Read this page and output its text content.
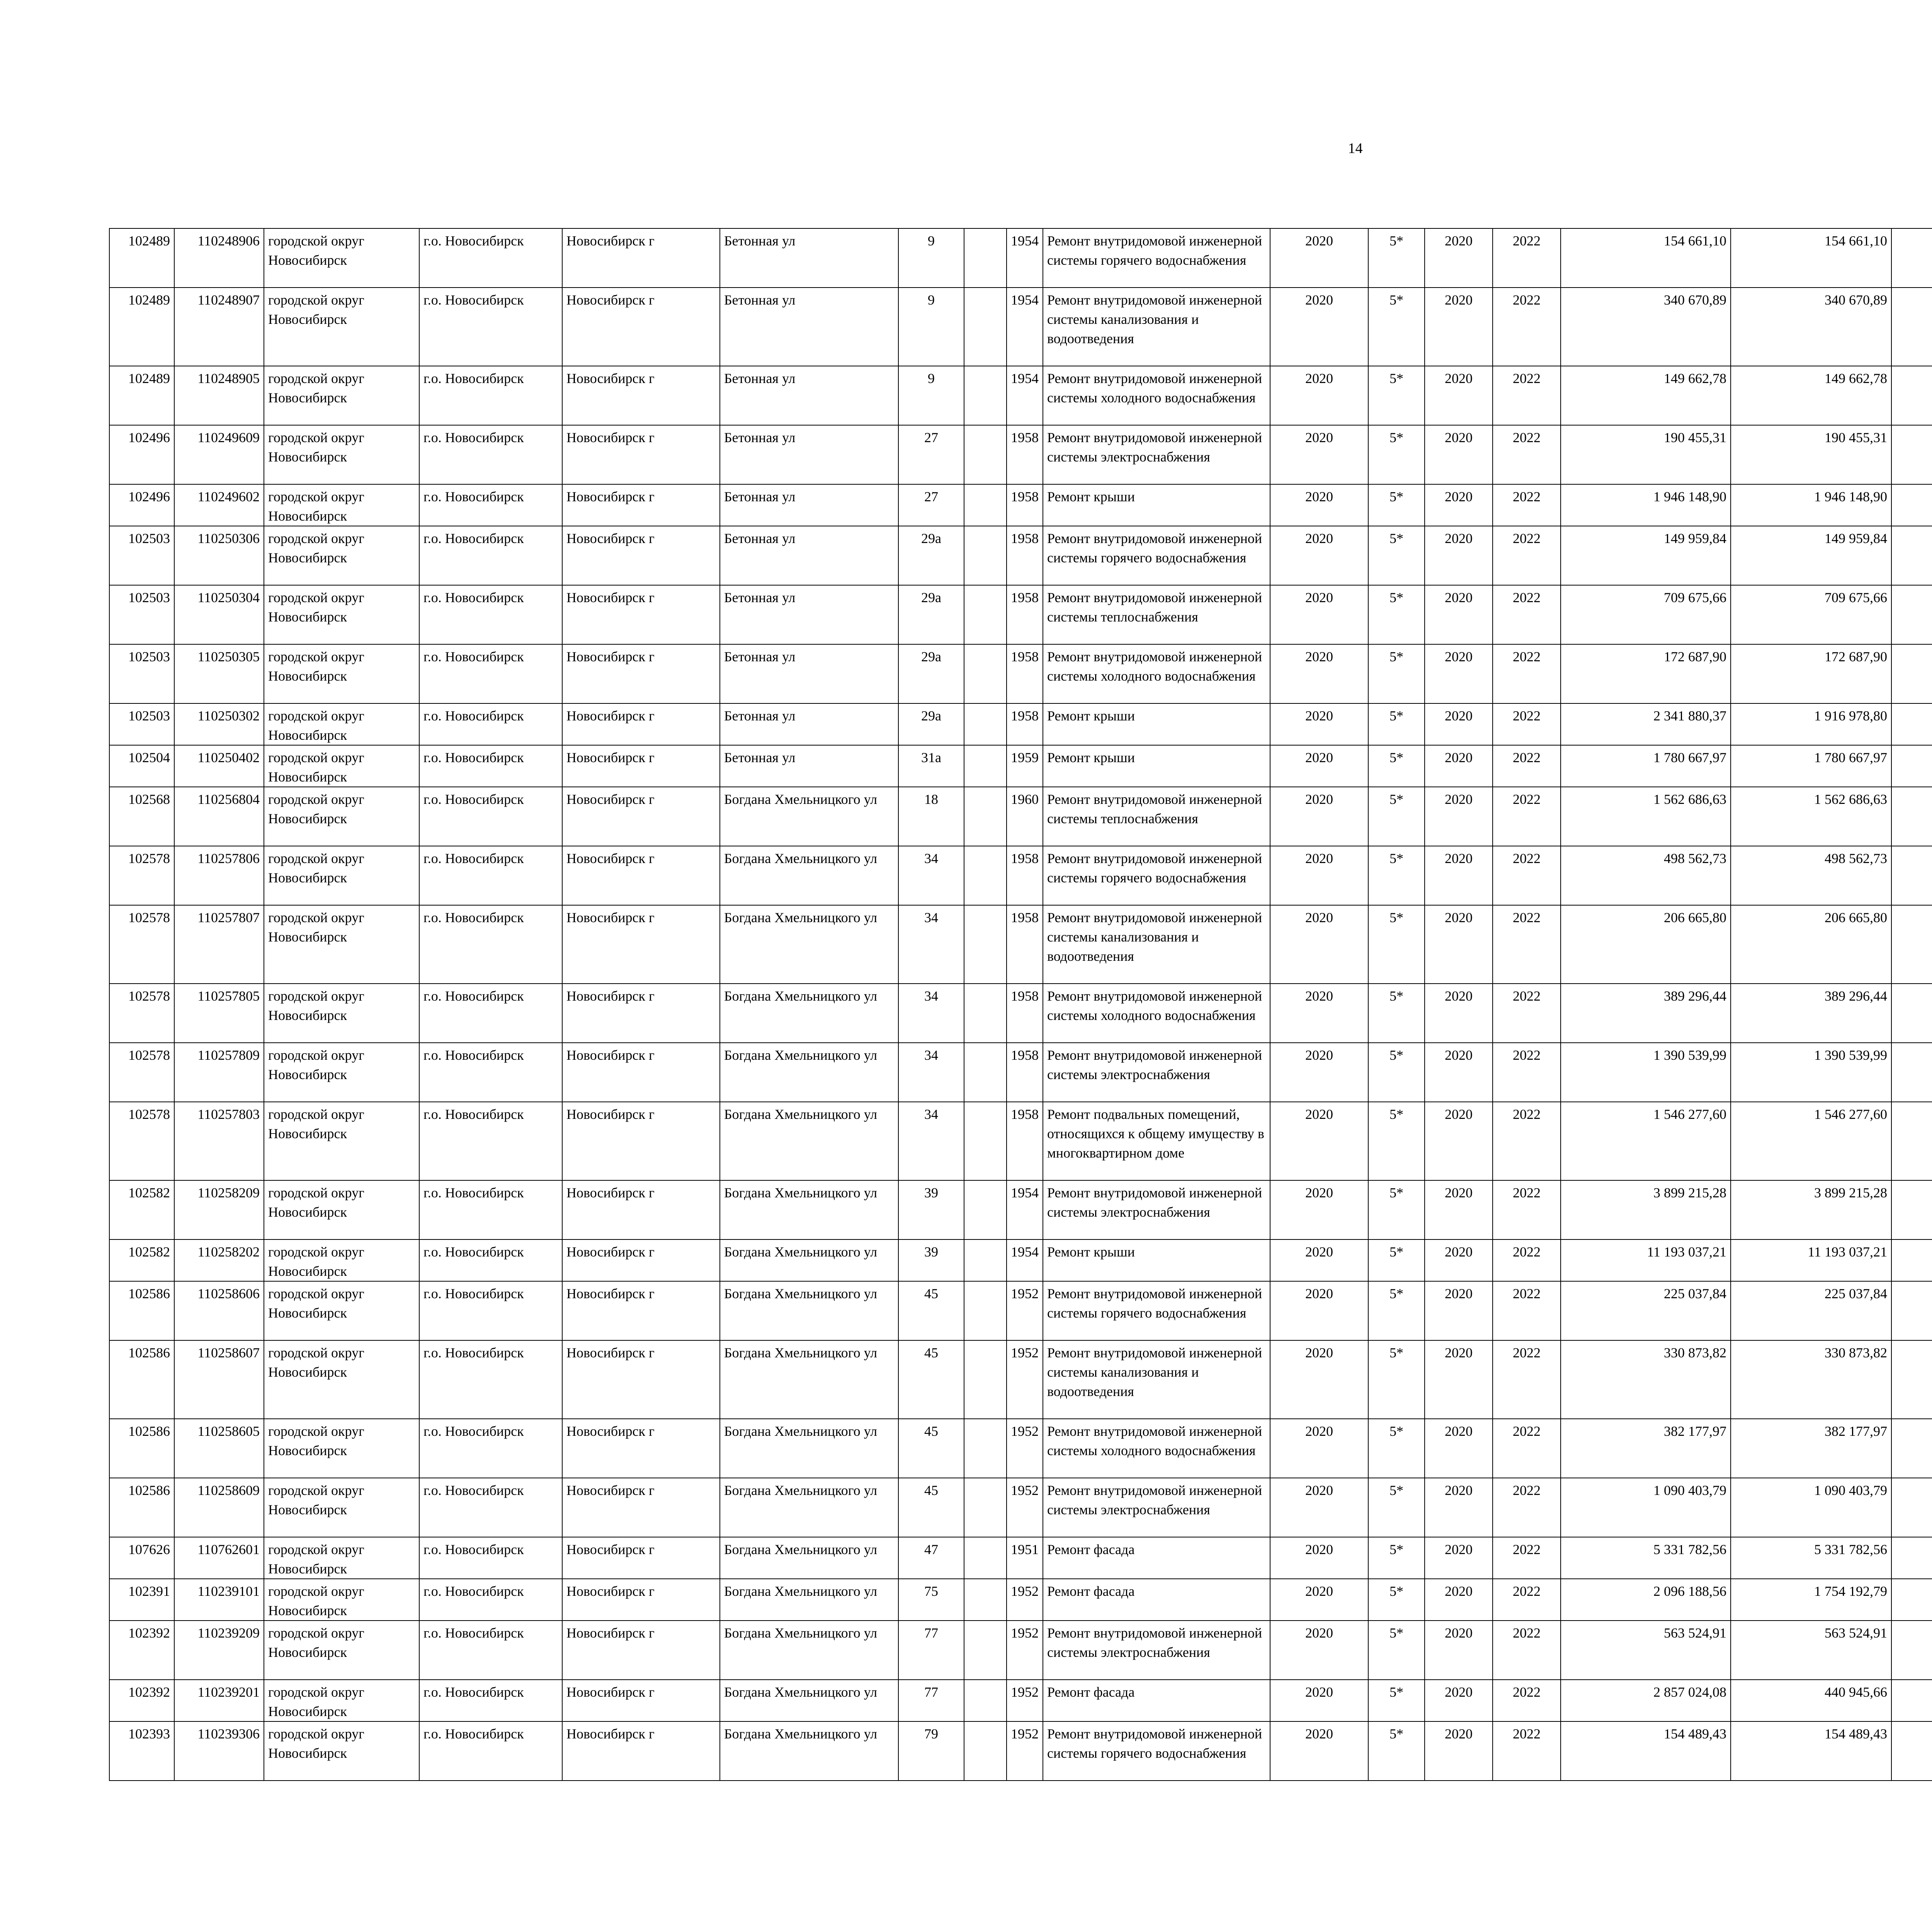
14
102489	110248906	городской округ Новосибирск	г.о. Новосибирск	Новосибирск г	Бетонная ул	9		1954	Ремонт внутридомовой инженерной системы горячего водоснабжения	2020	5*	2020	2022	154 661,10	154 661,10						
102489	110248907	городской округ Новосибирск	г.о. Новосибирск	Новосибирск г	Бетонная ул	9		1954	Ремонт внутридомовой инженерной системы канализования и водоотведения	2020	5*	2020	2022	340 670,89	340 670,89						
102489	110248905	городской округ Новосибирск	г.о. Новосибирск	Новосибирск г	Бетонная ул	9		1954	Ремонт внутридомовой инженерной системы холодного водоснабжения	2020	5*	2020	2022	149 662,78	149 662,78						
102496	110249609	городской округ Новосибирск	г.о. Новосибирск	Новосибирск г	Бетонная ул	27		1958	Ремонт внутридомовой инженерной системы электроснабжения	2020	5*	2020	2022	190 455,31	190 455,31						
102496	110249602	городской округ Новосибирск	г.о. Новосибирск	Новосибирск г	Бетонная ул	27		1958	Ремонт крыши	2020	5*	2020	2022	1 946 148,90	1 946 148,90						
102503	110250306	городской округ Новосибирск	г.о. Новосибирск	Новосибирск г	Бетонная ул	29а		1958	Ремонт внутридомовой инженерной системы горячего водоснабжения	2020	5*	2020	2022	149 959,84	149 959,84						
102503	110250304	городской округ Новосибирск	г.о. Новосибирск	Новосибирск г	Бетонная ул	29а		1958	Ремонт внутридомовой инженерной системы теплоснабжения	2020	5*	2020	2022	709 675,66	709 675,66						
102503	110250305	городской округ Новосибирск	г.о. Новосибирск	Новосибирск г	Бетонная ул	29а		1958	Ремонт внутридомовой инженерной системы холодного водоснабжения	2020	5*	2020	2022	172 687,90	172 687,90						
102503	110250302	городской округ Новосибирск	г.о. Новосибирск	Новосибирск г	Бетонная ул	29а		1958	Ремонт крыши	2020	5*	2020	2022	2 341 880,37	1 916 978,80						
102504	110250402	городской округ Новосибирск	г.о. Новосибирск	Новосибирск г	Бетонная ул	31а		1959	Ремонт крыши	2020	5*	2020	2022	1 780 667,97	1 780 667,97						
102568	110256804	городской округ Новосибирск	г.о. Новосибирск	Новосибирск г	Богдана Хмельницкого ул	18		1960	Ремонт внутридомовой инженерной системы теплоснабжения	2020	5*	2020	2022	1 562 686,63	1 562 686,63						
102578	110257806	городской округ Новосибирск	г.о. Новосибирск	Новосибирск г	Богдана Хмельницкого ул	34		1958	Ремонт внутридомовой инженерной системы горячего водоснабжения	2020	5*	2020	2022	498 562,73	498 562,73						
102578	110257807	городской округ Новосибирск	г.о. Новосибирск	Новосибирск г	Богдана Хмельницкого ул	34		1958	Ремонт внутридомовой инженерной системы канализования и водоотведения	2020	5*	2020	2022	206 665,80	206 665,80						
102578	110257805	городской округ Новосибирск	г.о. Новосибирск	Новосибирск г	Богдана Хмельницкого ул	34		1958	Ремонт внутридомовой инженерной системы холодного водоснабжения	2020	5*	2020	2022	389 296,44	389 296,44						
102578	110257809	городской округ Новосибирск	г.о. Новосибирск	Новосибирск г	Богдана Хмельницкого ул	34		1958	Ремонт внутридомовой инженерной системы электроснабжения	2020	5*	2020	2022	1 390 539,99	1 390 539,99						
102578	110257803	городской округ Новосибирск	г.о. Новосибирск	Новосибирск г	Богдана Хмельницкого ул	34		1958	Ремонт подвальных помещений, относящихся к общему имуществу в многоквартирном доме	2020	5*	2020	2022	1 546 277,60	1 546 277,60						
102582	110258209	городской округ Новосибирск	г.о. Новосибирск	Новосибирск г	Богдана Хмельницкого ул	39		1954	Ремонт внутридомовой инженерной системы электроснабжения	2020	5*	2020	2022	3 899 215,28	3 899 215,28						
102582	110258202	городской округ Новосибирск	г.о. Новосибирск	Новосибирск г	Богдана Хмельницкого ул	39		1954	Ремонт крыши	2020	5*	2020	2022	11 193 037,21	11 193 037,21						
102586	110258606	городской округ Новосибирск	г.о. Новосибирск	Новосибирск г	Богдана Хмельницкого ул	45		1952	Ремонт внутридомовой инженерной системы горячего водоснабжения	2020	5*	2020	2022	225 037,84	225 037,84						
102586	110258607	городской округ Новосибирск	г.о. Новосибирск	Новосибирск г	Богдана Хмельницкого ул	45		1952	Ремонт внутридомовой инженерной системы канализования и водоотведения	2020	5*	2020	2022	330 873,82	330 873,82						
102586	110258605	городской округ Новосибирск	г.о. Новосибирск	Новосибирск г	Богдана Хмельницкого ул	45		1952	Ремонт внутридомовой инженерной системы холодного водоснабжения	2020	5*	2020	2022	382 177,97	382 177,97						
102586	110258609	городской округ Новосибирск	г.о. Новосибирск	Новосибирск г	Богдана Хмельницкого ул	45		1952	Ремонт внутридомовой инженерной системы электроснабжения	2020	5*	2020	2022	1 090 403,79	1 090 403,79						
107626	110762601	городской округ Новосибирск	г.о. Новосибирск	Новосибирск г	Богдана Хмельницкого ул	47		1951	Ремонт фасада	2020	5*	2020	2022	5 331 782,56	5 331 782,56						
102391	110239101	городской округ Новосибирск	г.о. Новосибирск	Новосибирск г	Богдана Хмельницкого ул	75		1952	Ремонт фасада	2020	5*	2020	2022	2 096 188,56	1 754 192,79						
102392	110239209	городской округ Новосибирск	г.о. Новосибирск	Новосибирск г	Богдана Хмельницкого ул	77		1952	Ремонт внутридомовой инженерной системы электроснабжения	2020	5*	2020	2022	563 524,91	563 524,91						
102392	110239201	городской округ Новосибирск	г.о. Новосибирск	Новосибирск г	Богдана Хмельницкого ул	77		1952	Ремонт фасада	2020	5*	2020	2022	2 857 024,08	440 945,66						
102393	110239306	городской округ Новосибирск	г.о. Новосибирск	Новосибирск г	Богдана Хмельницкого ул	79		1952	Ремонт внутридомовой инженерной системы горячего водоснабжения	2020	5*	2020	2022	154 489,43	154 489,43						
